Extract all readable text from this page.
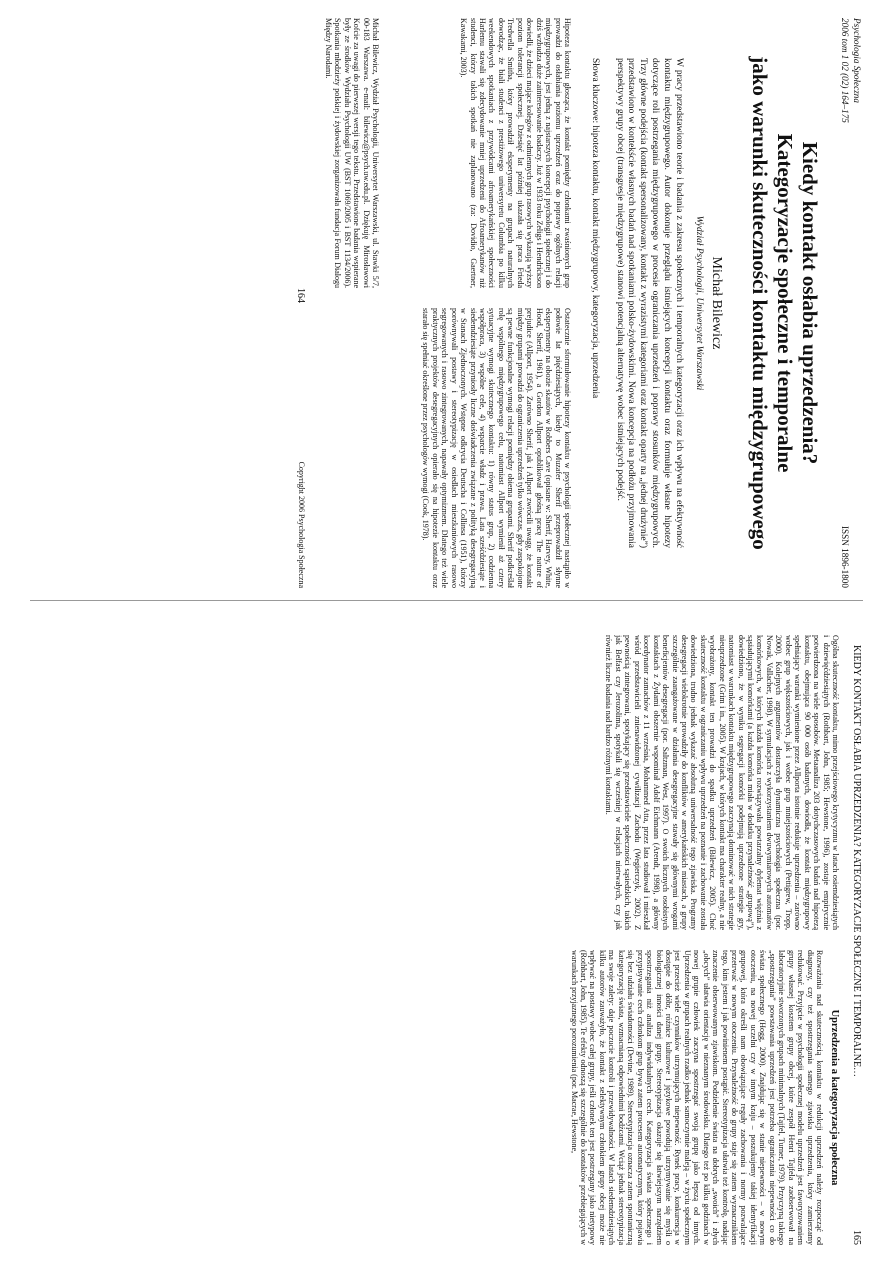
Psychologia Społeczna
2006 tom 1 02 (02) 164–175
ISSN 1896-1800
Kiedy kontakt osłabia uprzedzenia?
Kategoryzacje społeczne i temporalne
jako warunki skuteczności kontaktu międzygrupowego
Michał Bilewicz
Wydział Psychologii, Uniwersytet Warszawski
W pracy przedstawiono teorie i badania z zakresu społecznych i temporalnych kategoryzacji oraz ich wpływu na efektywność kontaktu międzygrupowego. Autor dokonuje przeglądu istniejących koncepcji kontaktu oraz formułuje własne hipotezy dotyczące roli postrzegania międzygrupowego w procesie ograniczania uprzedzeń i poprawy stosunków międzygrupowych. Trzy główne podejścia (kontakt spersonalizowany, kontakt z wyrazistymi kategoriami oraz kontakt oparty na „jednej drużynie”) przedstawiono w kontekście własnych badań nad spotkaniami polsko-żydowskimi. Nowa koncepcja na podłożu przyjmowania perspektywy grupy obcej (transgresje międzygrupowe) stanowi potencjalną alternatywę wobec istniejących podejść.
Słowa kluczowe: hipoteza kontaktu, kontakt międzygrupowy, kategoryzacja, uprzedzenia
Hipoteza kontaktu głosząca, że kontakt pomiędzy członkami zwaśnionych grup prowadzi do osłabiania poziomu uprzedzeń oraz do poprawy ogólnych relacji międzygrupowych, jest jedną z najstarszych koncepcji psychologii społecznej i do dziś wzbudza duże zainteresowanie badaczy. Już w 1933 roku Zeligs i Hendrickson dowiedli, że dzieci mające kolegów z odmiennych grup rasowych wykazują wyższy poziom tolerancji społecznej. Dziesięć lat później ukazała się praca Frieda Tredwella Smitha, który prowadził eksperymenty na grupach naturalnych dowodząc, że biali studenci z prestiżowego uniwersytetu Columbia po kilku weekendowych spotkaniach z przywódcami afroamerykańskiej społeczności Harlemu stawali się zdecydowanie mniej uprzedzeni do Afroamerykanów niż studenci, którzy takich spotkań nie zaplanowano (za: Dovidio, Gaertner, Kawakami, 2003).
Ostatecznie sformułowanie hipotezy kontaktu w psychologii społecznej nastąpiło w połowie lat pięćdziesiątych, kiedy to Muzafer Sherif przeprowadził słynne eksperymenty na obozie skautów w Robbers Cave (opisane w: Sherif, Harvey, White, Hood, Sherif, 1961), a Gordon Allport opublikował głośną pracę The nature of prejudice (Allport, 1954). Zarówno Sherif, jak i Allport zwrócili uwagę, że kontakt między grupami prowadzi do ograniczenia uprzedzeń tylko wówczas, gdy zaspokojone są pewne funkcjonalne wymogi relacji pomiędzy obiema grupami. Sherif podkreślał rolę wspólnego międzygrupowego celu, natomiast Allport wymienił aż cztery sytuacyjne wymogi skutecznego kontaktu: 1) równy status grup, 2) codzienna współpraca, 3) wspólne cele, 4) wsparcie władz i prawa. Lata sześćdziesiąte i siedemdziesiąte przyniosły liczne doświadczenia związane z polityką desegregacyjną w Stanach Zjednoczonych. Wstępne odkrycia Deutscha i Collinsa (1951), którzy porównywali postawy i stereotypizację w osiedlach mieszkaniowych rasowo segregowanych i rasowo zintegrowanych, napawały optymizmem. Dlatego też wiele praktycznych projektów desegregacyjnych opierało się na hipotezie kontaktu oraz starało się spełniać określone przez psychologów wymogi (Cook, 1978).
Michał Bilewicz, Wydział Psychologii, Uniwersytet Warszawski, ul. Stawki 5/7, 00-183 Warszawa. e-mail: bilewicz@psych.uw.edu.pl. Dziękuję Mirosławowi Kofcie za uwagi do pierwszej wersji tego tekstu. Przedstawione badania wspierane były ze środków Wydziału Psychologii UW (BST 1069/2005 i BST 1134/2006). Spotkania młodzieży polskiej i żydowskiej zorganizowała fundacja Forum Dialogu Między Narodami.
164
Copyright 2006 Psychologia Społeczna
KIEDY KONTAKT OSŁABIA UPRZEDZENIA? KATEGORYZACJE SPOŁECZNE I TEMPORALNE…
165
Ogólna skuteczność kontaktu, mimo przejściowego krytycyzmu w latach osiemdziesiątych i dziewięćdziesiątych (Rothbart, John, 1985; Hewstone, 1996), zostaje empirycznie potwierdzona na wiele sposobów. Metaanaliza 203 dotychczasowych badań nad hipotezą kontaktu, obejmująca 90 000 osób badanych, dowiodła, że kontakt międzygrupowy spełniający warunki wymienione przez Allporta istotnie redukuje uprzedzenia – zarówno wobec grup większościowych, jak i wobec grup mniejszościowych (Pettigrew, Tropp, 2000). Kolejnych argumentów dostarczyła dynamiczna psychologia społeczna (por. Nowak, Vallacher, 1998). W symulacjach z wykorzystaniem dwuwymiarowych automatów komórkowych, w których każda komórka rozwiązywała powtarzalny dylemat więźnia z sąsiadującymi komórkami (a każda komórka miała w dodatku przynależność „grupową”), dowiedziono, że w wyniku segregacji komórki podejmują uprzedzone strategie gry, natomiast w warunkach kontaktu międzygrupowego zaczynają dominować w nich strategie nieuprzedzone (Grim i in., 2005). W krajach, w których kontakt ma charakter realny, a nie wyobrażony, kontakt ten prowadzi do spadku uprzedzeń (Bilewicz, 2005). Choć skuteczność kontaktu w ograniczaniu wpływu uprzedzeń na poznanie i zachowanie została dowiedziona, trudno jednak wykazać absolutną uniwersalność tego zjawiska. Programy desegregacji wielokrotnie prowadziły do konfliktów w amerykańskich miastach, a grupy szczególnie zaangażowane w działania desegregacyjne stawały się głównymi wrogami beneficjentów desegregacji (por. Saltzman, West, 1997). O swoich licznych osobistych kontaktach z Żydami obszernie wspominał Adolf Eichmann (Arendt, 1998), a główny koordynator zamachów z 11 września, Mohammed Atta, przez lata studiował i mieszkał wśród przedstawicieli znienawidzonej cywilizacji Zachodu (Wegierczyk, 2002). Z pewnością zintegrowani, spotykający się przedstawiciele społeczności sąsiedzkich, takich jak Belfast czy Jerozolima, spotykali się wcześniej w relacjach nietrwałych, czy jak również liczne badania nad bardzo różnymi kontaktami.
Uprzedzenia a kategoryzacja społeczna
Rozważania nad skutecznością kontaktu w redukcji uprzedzeń należy rozpocząć od diagnozy, czy też spostrzegania samego zjawiska uprzedzenia, który zamierzamy redukować. Przyjęcie w psychologii społecznej modelu uprzedzeń jest faworyzowaniem grupy własnej kosztem grupy obcej, które zespół Henri Tajfela zaobserwował na laboratoryjnie stworzonych grupach minimalnych (Tajfel, Turner, 1979). Przyczyną takiego „spostrzegania” powstawania uprzedzeń jest potrzeba ograniczania niepewności co do świata społecznego (Hogg, 2000). Znajdując się w stanie niepewności – w nowym otoczeniu, na nowej uczelni czy w innym kraju – poszukujemy takiej identyfikacji grupowej, która określi nam obowiązujące reguły zachowania i normy pozwalające przetrwać w nowym otoczeniu. Przynależność do grupy staje się zatem wyznacznikiem tego, kim jestem i jak powinienem postąpić. Stereotypizacja ułatwia też kontrolę, nadając znaczenie obserwowanym zjawiskom. Podzielenie świata na dobrych „swoich” i złych „obcych” ułatwia orientację w nieznanym środowisku. Dlatego też po kilku godzinach w nowej grupie człowiek zaczyna spostrzegać swoją grupę jako lepszą od innych. Uprzedzenia w grupach realnych rzadko jednak samoczynnie maleją – w życiu społecznym jest przecież wiele czynników utrzymujących niepewność. Rynek pracy, konkurencja w dostępie do dóbr, różnice kulturowe i językowe powodują utrzymywanie się myśli o biologicznej inności danej grupy. Stereotypizacja okazuje się łatwiejszym narzędziem spostrzegania niż analiza indywidualnych cech. Kategoryzacja świata społecznego i przypisywanie cech członkom grup bywa zatem procesem automatycznym, który pojawia się bez udziału świadomości (Devine, 1989). Stereotypizacja oznacza zatem spontaniczną kategoryzację świata, wzmacnianą odpowiednimi bodźcami. Wciąż jednak stereotypizacja ma swoje zalety: daje poczucie kontroli i przewidywalności. W latach siedemdziesiątych kilku autorów zauważyło, że kontakt z selektywnym członkiem grupy obcej może nie wpływać na postawy wobec całej grupy, jeśli członek ten jest postrzegany jako nietypowy (Rothbart, John, 1985). Te efekty odnoszą się szczególnie do kontaktów przebiegających w warunkach przyjaznego porozumienia (por. Macrae, Hewstone,
